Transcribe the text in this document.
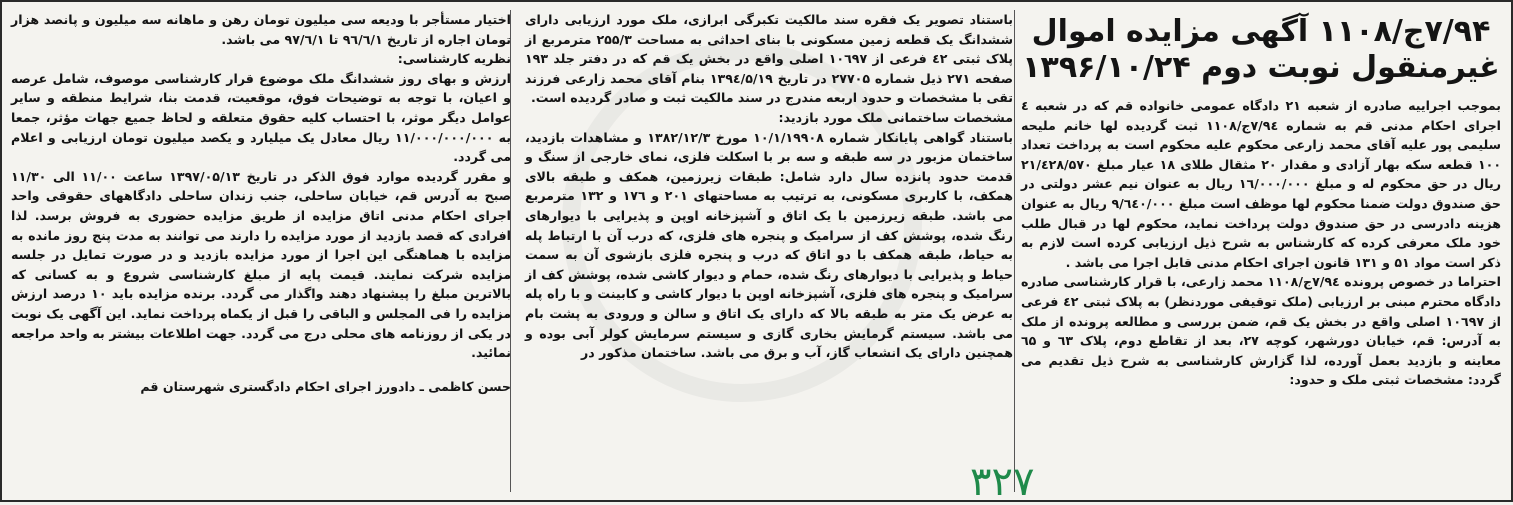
۷/۹۴ج/۱۱۰۸ آگهی مزایده اموال
غیرمنقول نوبت دوم ۱۳۹۶/۱۰/۲۴

بموجب اجراییه صادره از شعبه ۲۱ دادگاه عمومی خانواده قم که در شعبه ٤ اجرای احکام مدنی قم به شماره ۷/۹٤ج/۱۱۰۸ ثبت گردیده لها خانم ملیحه سلیمی پور علیه آقای محمد زارعی محکوم علیه محکوم است به پرداخت تعداد ۱۰۰ قطعه سکه بهار آزادی و مقدار ۲۰ مثقال طلای ۱۸ عیار مبلغ ۲۱/٤۲۸/۵۷۰ ریال در حق محکوم له و مبلغ ۱٦/۰۰۰/۰۰۰ ریال به عنوان نیم عشر دولتی در حق صندوق دولت ضمنا محکوم لها موظف است مبلغ ۹/٦٤۰/۰۰۰ ریال به عنوان هزینه دادرسی در حق صندوق دولت پرداخت نماید، محکوم لها در قبال طلب خود ملک معرفی کرده که کارشناس به شرح ذیل ارزیابی کرده است لازم به ذکر است مواد ۵۱ و ۱۳۱ قانون اجرای احکام مدنی قابل اجرا می باشد .

احتراما در خصوص پرونده ۷/۹٤ج/۱۱۰۸ محمد زارعی، با قرار کارشناسی صادره دادگاه محترم مبنی بر ارزیابی (ملک توقیفی موردنظر) به پلاک ثبتی ٤۲ فرعی از ۱۰٦۹۷ اصلی واقع در بخش یک قم، ضمن بررسی و مطالعه پرونده از ملک به آدرس: قم، خیابان دورشهر، کوچه ۲۷، بعد از تقاطع دوم، پلاک ٦۳ و ٦۵ معاینه و بازدید بعمل آورده، لذا گزارش کارشناسی به شرح ذیل تقدیم می گردد: مشخصات ثبتی ملک و حدود:

باستناد تصویر یک فقره سند مالکیت تکبرگی ابرازی، ملک مورد ارزیابی دارای ششدانگ یک قطعه زمین مسکونی با بنای احداثی به مساحت ۲۵۵/۳ مترمربع از پلاک ثبتی ٤۲ فرعی از ۱۰٦۹۷ اصلی واقع در بخش یک قم که در دفتر جلد ۱۹۳ صفحه ۲۷۱ ذیل شماره ۲۷۷۰۵ در تاریخ ۱۳۹٤/۵/۱۹ بنام آقای محمد زارعی فرزند تقی با مشخصات و حدود اربعه مندرج در سند مالکیت ثبت و صادر گردیده است.

مشخصات ساختمانی ملک مورد بازدید:

باستناد گواهی پایانکار شماره ۱۰/۱/۱۹۹۰۸ مورخ ۱۳۸۲/۱۲/۳ و مشاهدات بازدید، ساختمان مزبور در سه طبقه و سه بر با اسکلت فلزی، نمای خارجی از سنگ و قدمت حدود پانزده سال دارد شامل: طبقات زیرزمین، همکف و طبقه بالای همکف، با کاربری مسکونی، به ترتیب به مساحتهای ۲۰۱ و ۱۷٦ و ۱۳۲ مترمربع می باشد. طبقه زیرزمین با یک اتاق و آشپزخانه اوپن و پذیرایی با دیوارهای رنگ شده، پوشش کف از سرامیک و پنجره های فلزی، که درب آن با ارتباط پله به حیاط، طبقه همکف با دو اتاق که درب و پنجره فلزی بازشوی آن به سمت حیاط و پذیرایی با دیوارهای رنگ شده، حمام و دیوار کاشی شده، پوشش کف از سرامیک و پنجره های فلزی، آشپزخانه اوپن با دیوار کاشی و کابینت و با راه پله به عرض یک متر به طبقه بالا که دارای یک اتاق و سالن و ورودی به پشت بام می باشد. سیستم گرمایش بخاری گازی و سیستم سرمایش کولر آبی بوده و همچنین دارای یک انشعاب گاز، آب و برق می باشد. ساختمان مذکور در

اختیار مستأجر با ودیعه سی میلیون تومان رهن و ماهانه سه میلیون و پانصد هزار تومان اجاره از تاریخ ۹٦/٦/۱ تا ۹۷/٦/۱ می باشد.

نظریه کارشناسی:

ارزش و بهای روز ششدانگ ملک موضوع قرار کارشناسی موصوف، شامل عرصه و اعیان، با توجه به توضیحات فوق، موقعیت، قدمت بنا، شرایط منطقه و سایر عوامل دیگر موثر، با احتساب کلیه حقوق متعلقه و لحاظ جمیع جهات مؤثر، جمعا به ۱۱/۰۰۰/۰۰۰/۰۰۰ ریال معادل یک میلیارد و یکصد میلیون تومان ارزیابی و اعلام می گردد.

و مقرر گردیده موارد فوق الذکر در تاریخ ۱۳۹۷/۰۵/۱۳ ساعت ۱۱/۰۰ الی ۱۱/۳۰ صبح به آدرس قم، خیابان ساحلی، جنب زندان ساحلی دادگاههای حقوقی واحد اجرای احکام مدنی اتاق مزایده از طریق مزایده حضوری به فروش برسد. لذا افرادی که قصد بازدید از مورد مزایده را دارند می توانند به مدت پنج روز مانده به مزایده با هماهنگی این اجرا از مورد مزایده بازدید و در صورت تمایل در جلسه مزایده شرکت نمایند. قیمت پایه از مبلغ کارشناسی شروع و به کسانی که بالاترین مبلغ را پیشنهاد دهند واگذار می گردد. برنده مزایده باید ۱۰ درصد ارزش مزایده را فی المجلس و الباقی را قبل از یکماه پرداخت نماید. این آگهی یک نوبت در یکی از روزنامه های محلی درج می گردد. جهت اطلاعات بیشتر به واحد مراجعه نمائید.

حسن کاظمی ـ دادورز اجرای احکام دادگستری شهرستان قم
۳۲۷
